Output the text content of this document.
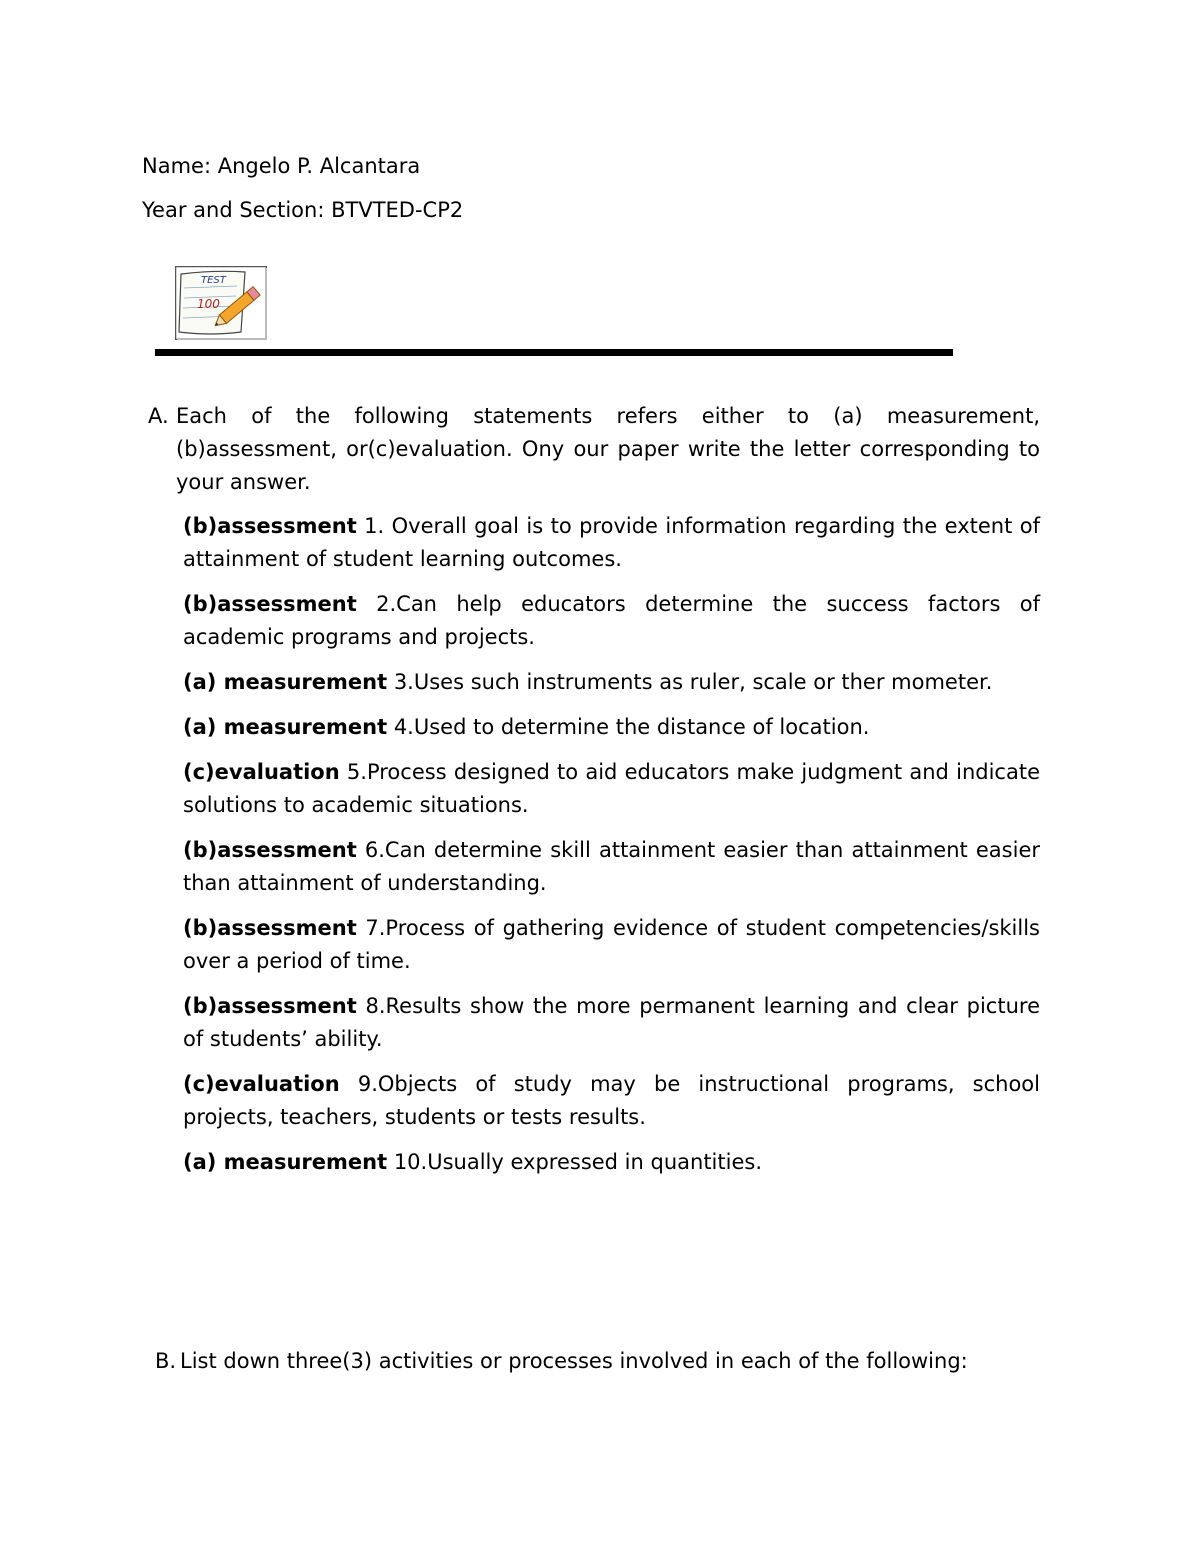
Name: Angelo P. Alcantara
Year and Section: BTVTED-CP2
TEST
100
A. Each of the following statements refers either to (a) measurement, (b)assessment, or(c)evaluation. Ony our paper write the letter corresponding to your answer.
(b)assessment 1. Overall goal is to provide information regarding the extent of attainment of student learning outcomes.
(b)assessment 2.Can help educators determine the success factors of academic programs and projects.
(a) measurement 3.Uses such instruments as ruler, scale or ther mometer.
(a) measurement 4.Used to determine the distance of location.
(c)evaluation 5.Process designed to aid educators make judgment and indicate solutions to academic situations.
(b)assessment 6.Can determine skill attainment easier than attainment easier than attainment of understanding.
(b)assessment 7.Process of gathering evidence of student competencies/skills over a period of time.
(b)assessment 8.Results show the more permanent learning and clear picture of students’ ability.
(c)evaluation 9.Objects of study may be instructional programs, school projects, teachers, students or tests results.
(a) measurement 10.Usually expressed in quantities.
B. List down three(3) activities or processes involved in each of the following:
